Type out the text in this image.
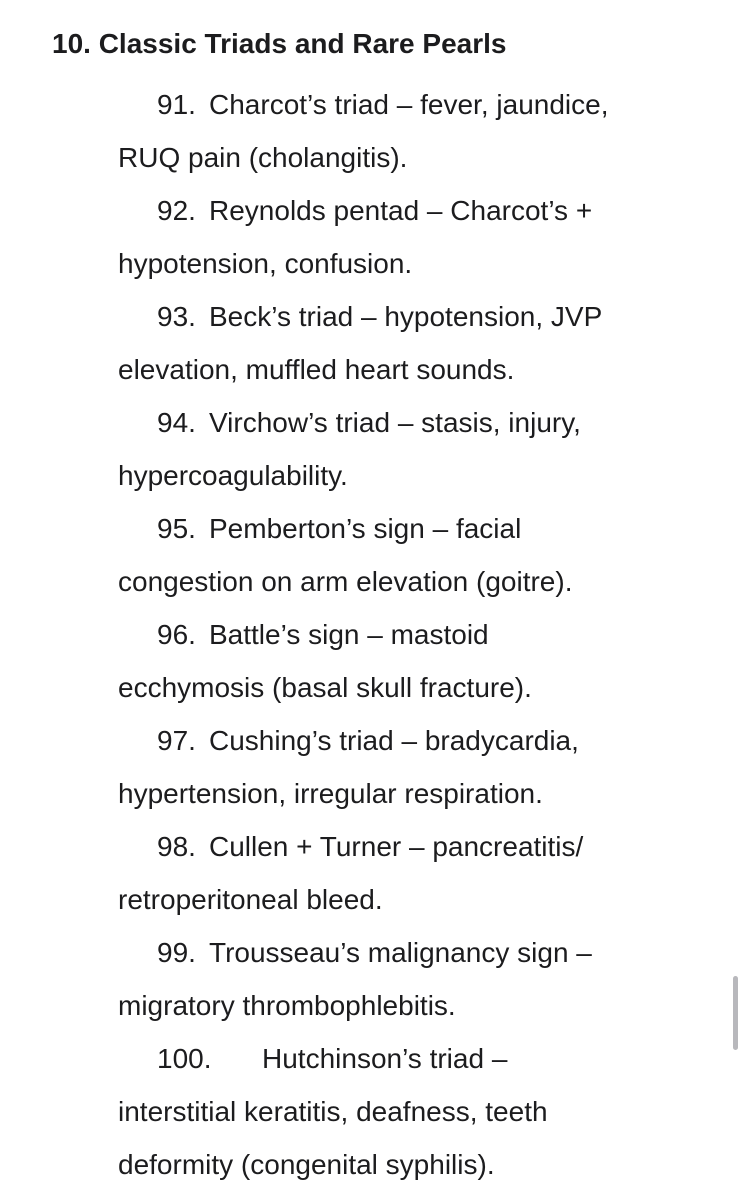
10. Classic Triads and Rare Pearls
91. Charcot’s triad – fever, jaundice,
RUQ pain (cholangitis).
92. Reynolds pentad – Charcot’s +
hypotension, confusion.
93. Beck’s triad – hypotension, JVP
elevation, muffled heart sounds.
94. Virchow’s triad – stasis, injury,
hypercoagulability.
95. Pemberton’s sign – facial
congestion on arm elevation (goitre).
96. Battle’s sign – mastoid
ecchymosis (basal skull fracture).
97. Cushing’s triad – bradycardia,
hypertension, irregular respiration.
98. Cullen + Turner – pancreatitis/
retroperitoneal bleed.
99. Trousseau’s malignancy sign –
migratory thrombophlebitis.
100. Hutchinson’s triad –
interstitial keratitis, deafness, teeth
deformity (congenital syphilis).
